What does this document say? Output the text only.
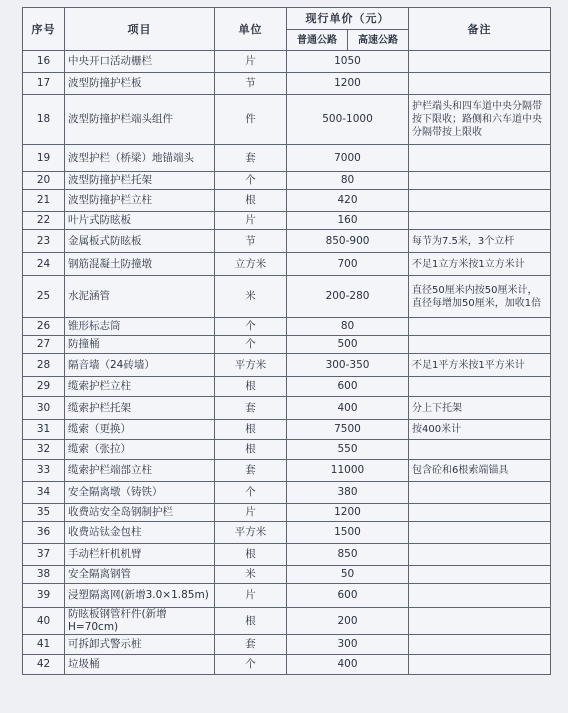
序号	项目	单位	现行单价（元）		备注
			普通公路	高速公路	
16	中央开口活动栅栏	片	1050		
17	波型防撞护栏板	节	1200		
18	波型防撞护栏端头组件	件	500-1000		护栏端头和四车道中央分隔带按下限收；路侧和六车道中央分隔带按上限收
19	波型护栏（桥梁）地锚端头	套	7000		
20	波型防撞护栏托架	个	80		
21	波型防撞护栏立柱	根	420		
22	叶片式防眩板	片	160		
23	金属板式防眩板	节	850-900		每节为7.5米，3个立杆
24	钢筋混凝土防撞墩	立方米	700		不足1立方米按1立方米计
25	水泥涵管	米	200-280		直径50厘米内按50厘米计，直径每增加50厘米，加收1倍
26	锥形标志筒	个	80		
27	防撞桶	个	500		
28	隔音墙（24砖墙）	平方米	300-350		不足1平方米按1平方米计
29	缆索护栏立柱	根	600		
30	缆索护栏托架	套	400		分上下托架
31	缆索（更换）	根	7500		按400米计
32	缆索（张拉）	根	550		
33	缆索护栏端部立柱	套	11000		包含砼和6根索端锚具
34	安全隔离墩（铸铁）	个	380		
35	收费站安全岛钢制护栏	片	1200		
36	收费站钛金包柱	平方米	1500		
37	手动栏杆机机臂	根	850		
38	安全隔离钢管	米	50		
39	浸塑隔离网(新增3.0×1.85m)	片	600		
40	防眩板钢管杆件(新增H=70cm)	根	200		
41	可拆卸式警示桩	套	300		
42	垃圾桶	个	400		
